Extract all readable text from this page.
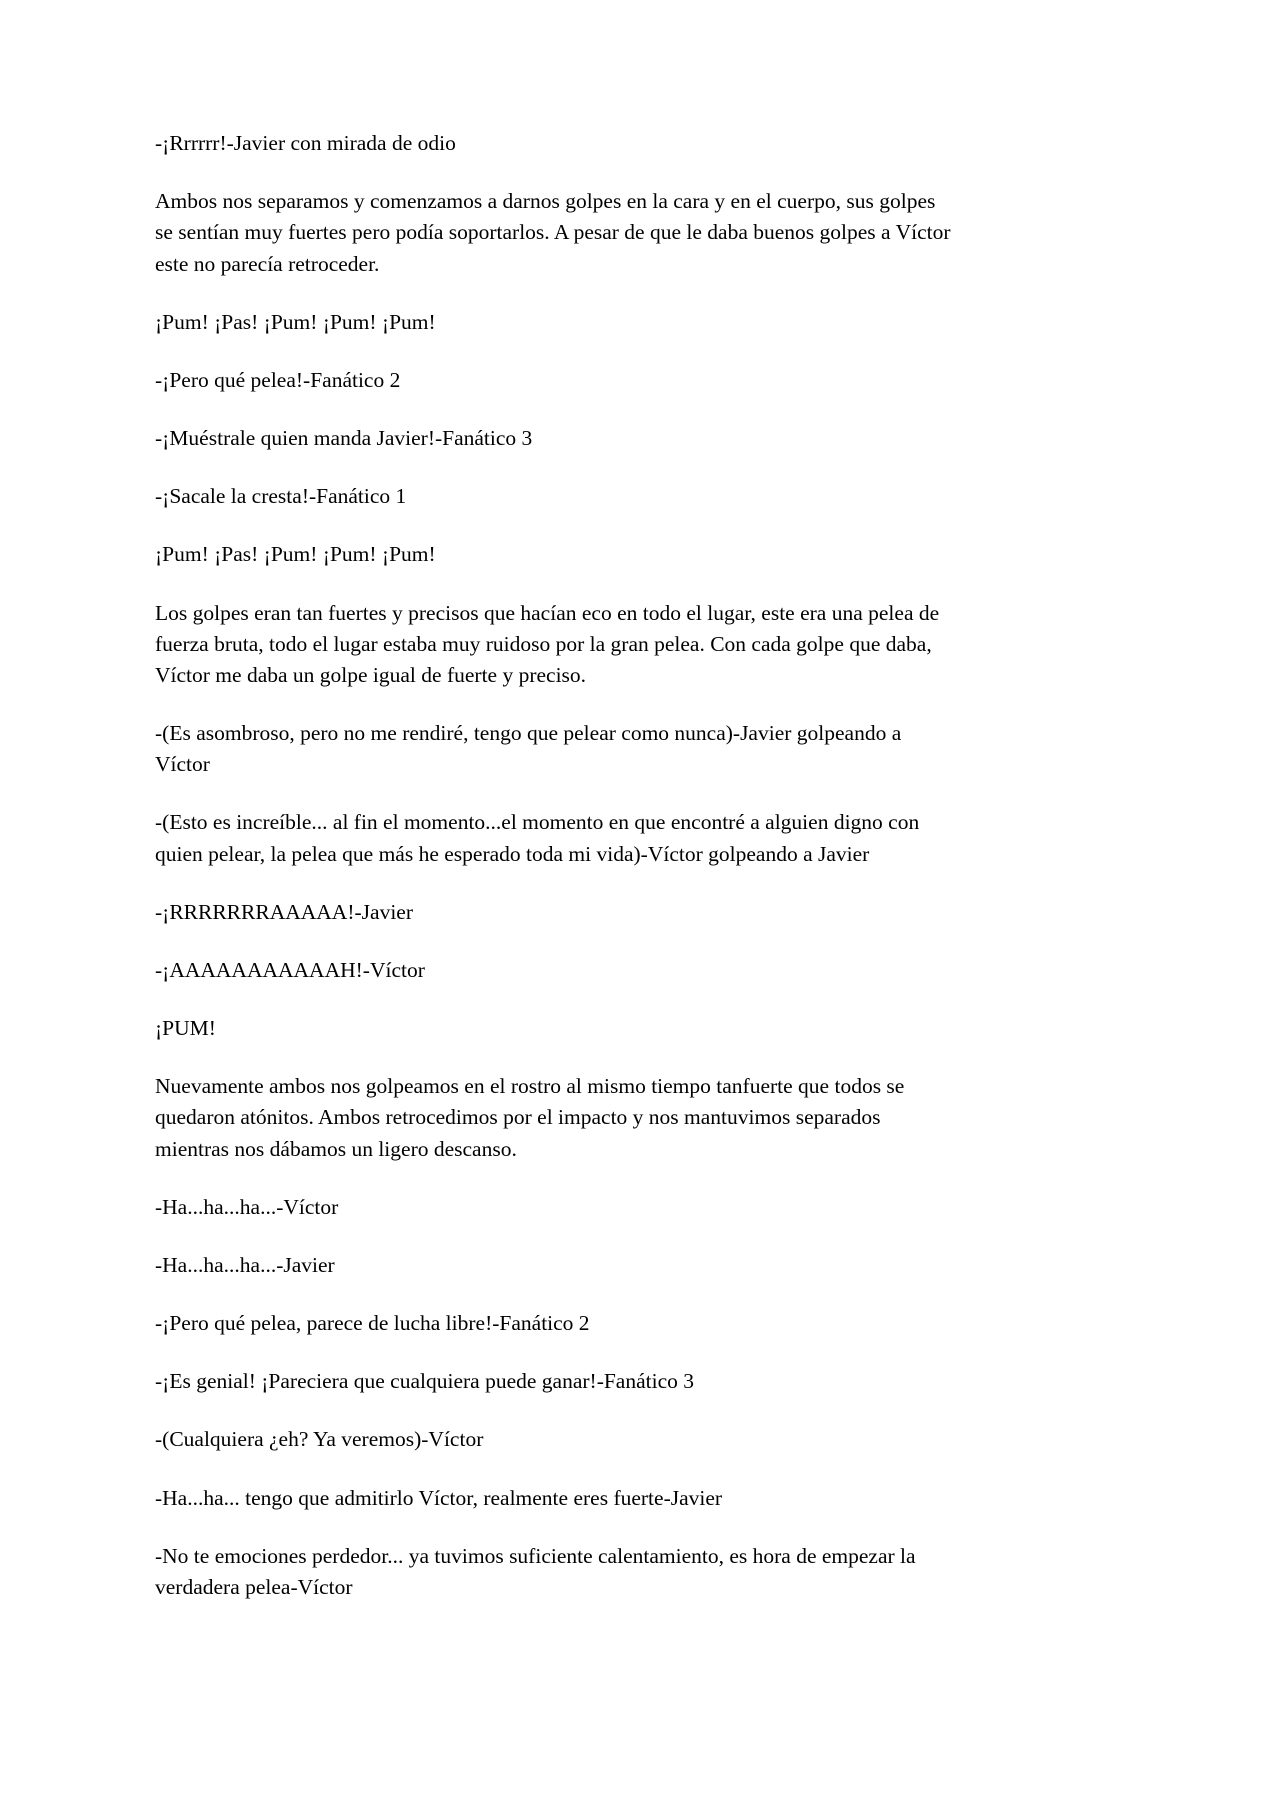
-¡Rrrrrr!-Javier con mirada de odio

Ambos nos separamos y comenzamos a darnos golpes en la cara y en el cuerpo, sus golpes se sentían muy fuertes pero podía soportarlos. A pesar de que le daba buenos golpes a Víctor este no parecía retroceder.

¡Pum! ¡Pas! ¡Pum! ¡Pum! ¡Pum!

-¡Pero qué pelea!-Fanático 2

-¡Muéstrale quien manda Javier!-Fanático 3

-¡Sacale la cresta!-Fanático 1

¡Pum! ¡Pas! ¡Pum! ¡Pum! ¡Pum!

Los golpes eran tan fuertes y precisos que hacían eco en todo el lugar, este era una pelea de fuerza bruta, todo el lugar estaba muy ruidoso por la gran pelea. Con cada golpe que daba, Víctor me daba un golpe igual de fuerte y preciso.

-(Es asombroso, pero no me rendiré, tengo que pelear como nunca)-Javier golpeando a Víctor

-(Esto es increíble... al fin el momento...el momento en que encontré a alguien digno con quien pelear, la pelea que más he esperado toda mi vida)-Víctor golpeando a Javier

-¡RRRRRRRAAAAA!-Javier

-¡AAAAAAAAAAAH!-Víctor

¡PUM!

Nuevamente ambos nos golpeamos en el rostro al mismo tiempo tanfuerte que todos se quedaron atónitos. Ambos retrocedimos por el impacto y nos mantuvimos separados mientras nos dábamos un ligero descanso.

-Ha...ha...ha...-Víctor

-Ha...ha...ha...-Javier

-¡Pero qué pelea, parece de lucha libre!-Fanático 2

-¡Es genial! ¡Pareciera que cualquiera puede ganar!-Fanático 3

-(Cualquiera ¿eh? Ya veremos)-Víctor

-Ha...ha... tengo que admitirlo Víctor, realmente eres fuerte-Javier

-No te emociones perdedor... ya tuvimos suficiente calentamiento, es hora de empezar la verdadera pelea-Víctor
